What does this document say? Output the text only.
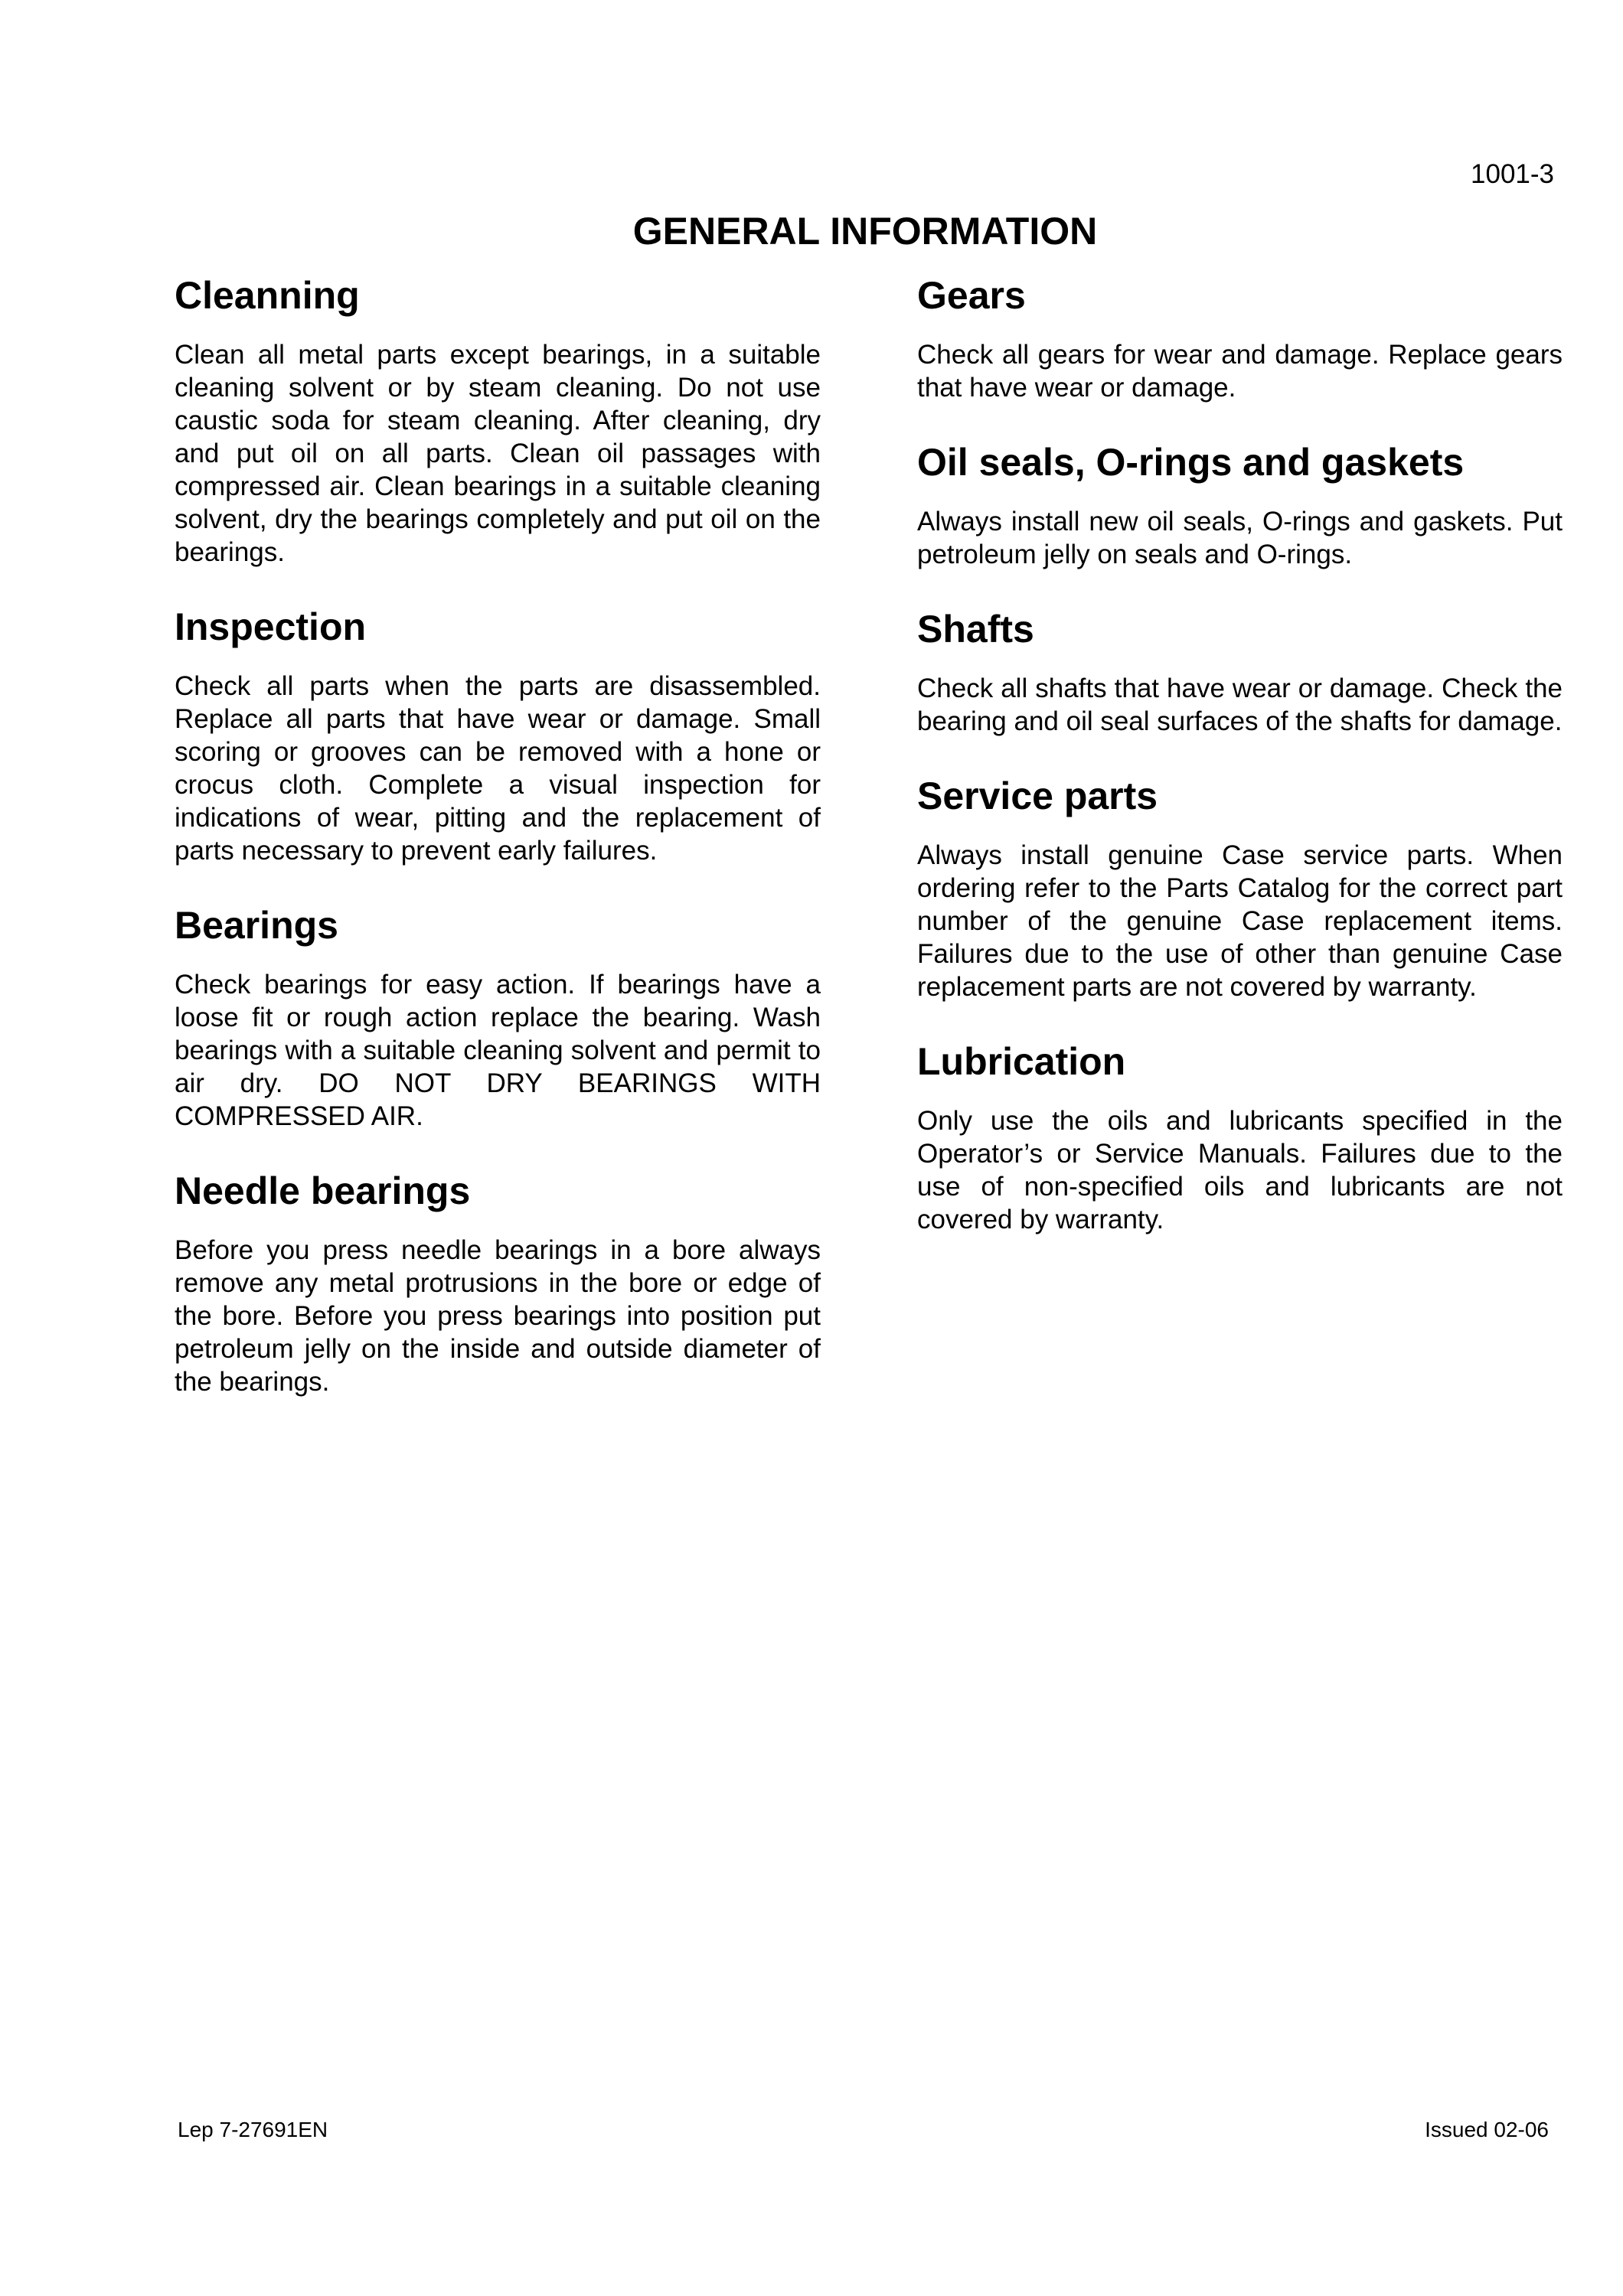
1001-3
GENERAL INFORMATION
Cleanning

Clean all metal parts except bearings, in a suitable cleaning solvent or by steam cleaning. Do not use caustic soda for steam cleaning. After cleaning, dry and put oil on all parts. Clean oil passages with compressed air. Clean bearings in a suitable cleaning solvent, dry the bearings completely and put oil on the bearings.

Inspection

Check all parts when the parts are disassembled. Replace all parts that have wear or damage. Small scoring or grooves can be removed with a hone or crocus cloth. Complete a visual inspection for indications of wear, pitting and the replacement of parts necessary to prevent early failures.

Bearings

Check bearings for easy action. If bearings have a loose fit or rough action replace the bearing. Wash bearings with a suitable cleaning solvent and permit to air dry. DO NOT DRY BEARINGS WITH COMPRESSED AIR.

Needle bearings

Before you press needle bearings in a bore always remove any metal protrusions in the bore or edge of the bore. Before you press bearings into position put petroleum jelly on the inside and outside diameter of the bearings.

Gears

Check all gears for wear and damage. Replace gears that have wear or damage.

Oil seals, O-rings and gaskets

Always install new oil seals, O-rings and gaskets. Put petroleum jelly on seals and O-rings.

Shafts

Check all shafts that have wear or damage. Check the bearing and oil seal surfaces of the shafts for damage.

Service parts

Always install genuine Case service parts. When ordering refer to the Parts Catalog for the correct part number of the genuine Case replacement items. Failures due to the use of other than genuine Case replacement parts are not covered by warranty.

Lubrication

Only use the oils and lubricants specified in the Operator’s or Service Manuals. Failures due to the use of non-specified oils and lubricants are not covered by warranty.

Lep 7-27691EN	Issued 02-06
